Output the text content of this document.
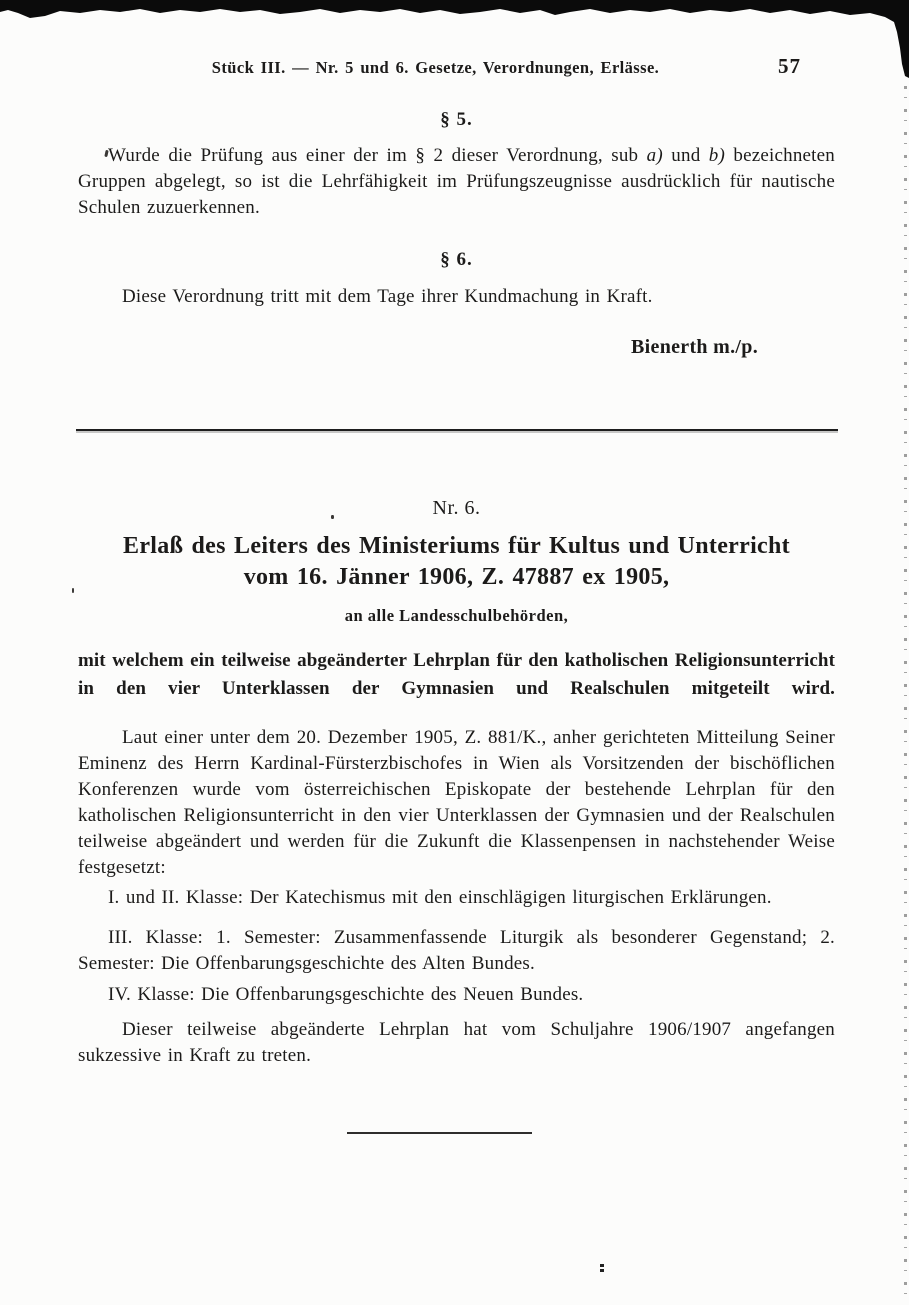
Stück III. — Nr. 5 und 6. Gesetze, Verordnungen, Erlässe.	57
§ 5.
Wurde die Prüfung aus einer der im § 2 dieser Verordnung, sub a) und b) bezeichneten Gruppen abgelegt, so ist die Lehrfähigkeit im Prüfungszeugnisse ausdrücklich für nautische Schulen zuzuerkennen.
§ 6.
Diese Verordnung tritt mit dem Tage ihrer Kundmachung in Kraft.
Bienerth m./p.
Nr. 6.
Erlaß des Leiters des Ministeriums für Kultus und Unterricht
vom 16. Jänner 1906, Z. 47887 ex 1905,
an alle Landesschulbehörden,
mit welchem ein teilweise abgeänderter Lehrplan für den katholischen Religionsunterricht in den vier Unterklassen der Gymnasien und Realschulen mitgeteilt wird.
Laut einer unter dem 20. Dezember 1905, Z. 881/K., anher gerichteten Mitteilung Seiner Eminenz des Herrn Kardinal-Fürsterzbischofes in Wien als Vorsitzenden der bischöflichen Konferenzen wurde vom österreichischen Episkopate der bestehende Lehrplan für den katholischen Religionsunterricht in den vier Unterklassen der Gymnasien und der Realschulen teilweise abgeändert und werden für die Zukunft die Klassenpensen in nachstehender Weise festgesetzt:
I. und II. Klasse: Der Katechismus mit den einschlägigen liturgischen Erklärungen.
III. Klasse: 1. Semester: Zusammenfassende Liturgik als besonderer Gegenstand; 2. Semester: Die Offenbarungsgeschichte des Alten Bundes.
IV. Klasse: Die Offenbarungsgeschichte des Neuen Bundes.
Dieser teilweise abgeänderte Lehrplan hat vom Schuljahre 1906/1907 angefangen sukzessive in Kraft zu treten.
